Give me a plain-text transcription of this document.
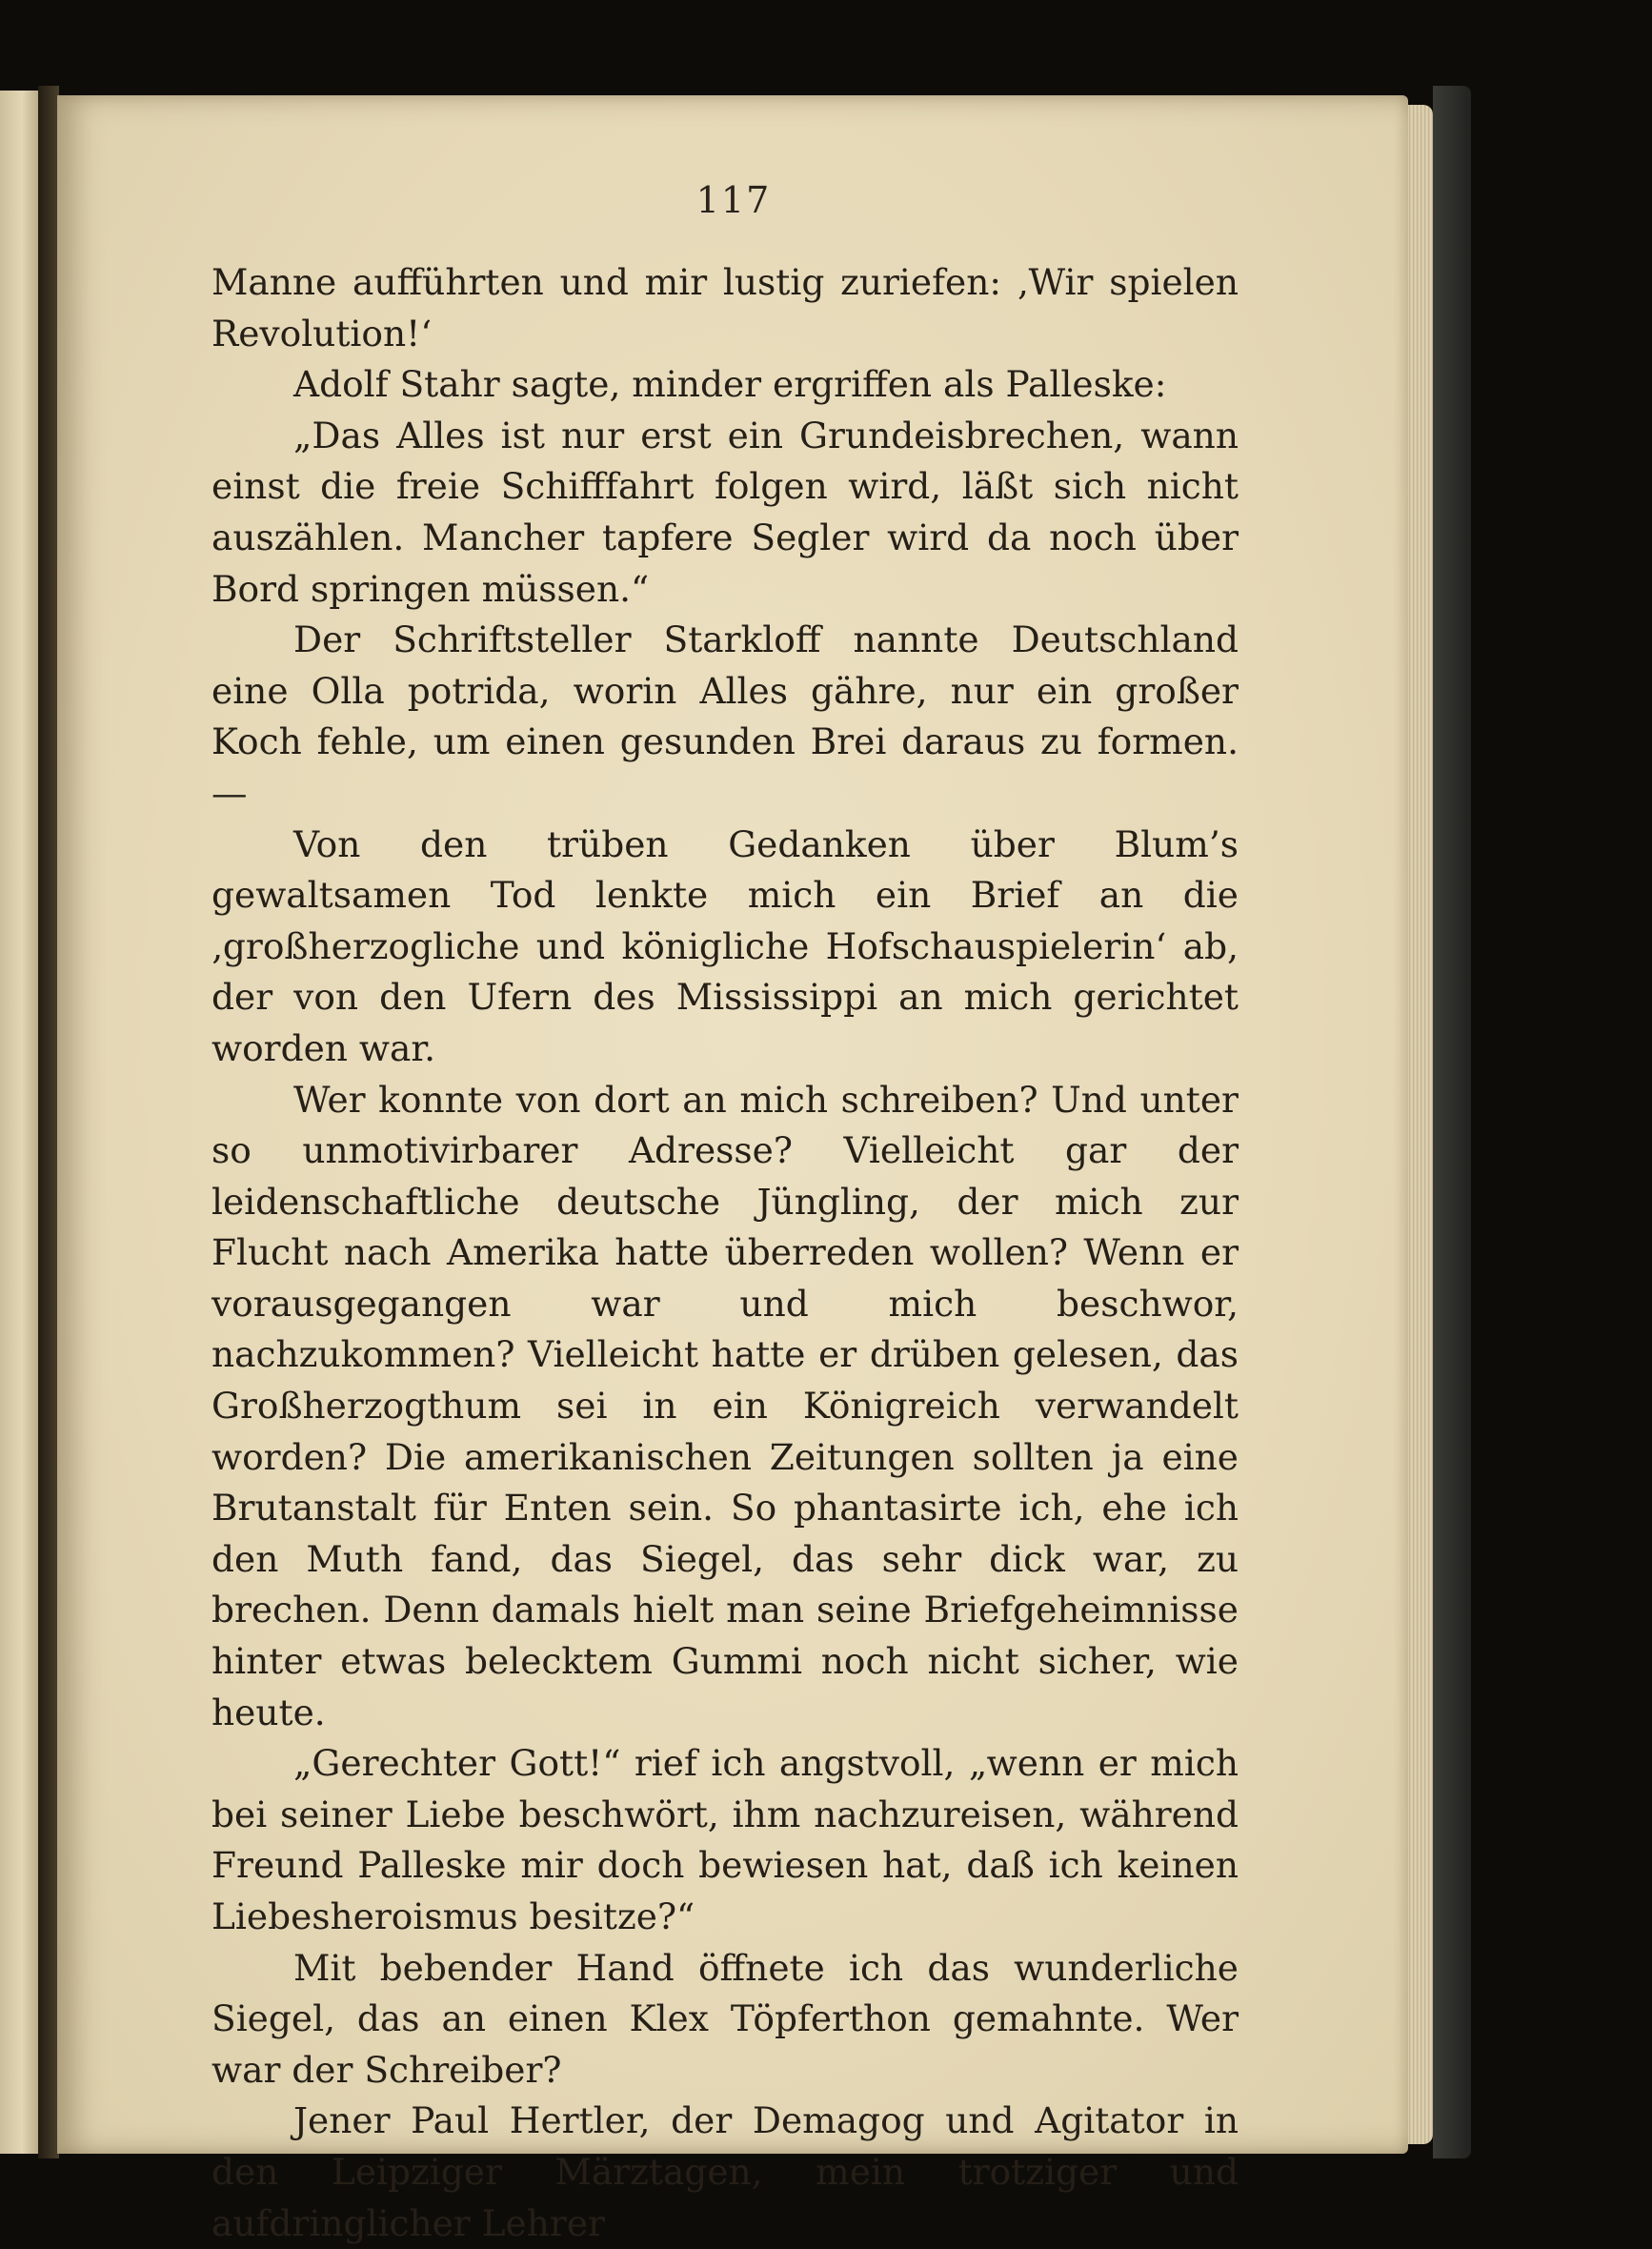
117

Manne aufführten und mir lustig zuriefen: ‚Wir spielen Revolution!‘

Adolf Stahr sagte, minder ergriffen als Palleske:

„Das Alles ist nur erst ein Grundeisbrechen, wann einst die freie Schifffahrt folgen wird, läßt sich nicht auszählen. Mancher tapfere Segler wird da noch über Bord springen müssen.“

Der Schriftsteller Starkloff nannte Deutschland eine Olla potrida, worin Alles gähre, nur ein großer Koch fehle, um einen gesunden Brei daraus zu formen. —

Von den trüben Gedanken über Blum’s gewaltsamen Tod lenkte mich ein Brief an die ‚großherzogliche und königliche Hofschauspielerin‘ ab, der von den Ufern des Mississippi an mich gerichtet worden war.

Wer konnte von dort an mich schreiben? Und unter so unmotivirbarer Adresse? Vielleicht gar der leidenschaftliche deutsche Jüngling, der mich zur Flucht nach Amerika hatte überreden wollen? Wenn er vorausgegangen war und mich beschwor, nachzukommen? Vielleicht hatte er drüben gelesen, das Großherzogthum sei in ein Königreich verwandelt worden? Die amerikanischen Zeitungen sollten ja eine Brutanstalt für Enten sein. So phantasirte ich, ehe ich den Muth fand, das Siegel, das sehr dick war, zu brechen. Denn damals hielt man seine Briefgeheimnisse hinter etwas belecktem Gummi noch nicht sicher, wie heute.

„Gerechter Gott!“ rief ich angstvoll, „wenn er mich bei seiner Liebe beschwört, ihm nachzureisen, während Freund Palleske mir doch bewiesen hat, daß ich keinen Liebesheroismus besitze?“

Mit bebender Hand öffnete ich das wunderliche Siegel, das an einen Klex Töpferthon gemahnte. Wer war der Schreiber?

Jener Paul Hertler, der Demagog und Agitator in den Leipziger Märztagen, mein trotziger und aufdringlicher Lehrer
